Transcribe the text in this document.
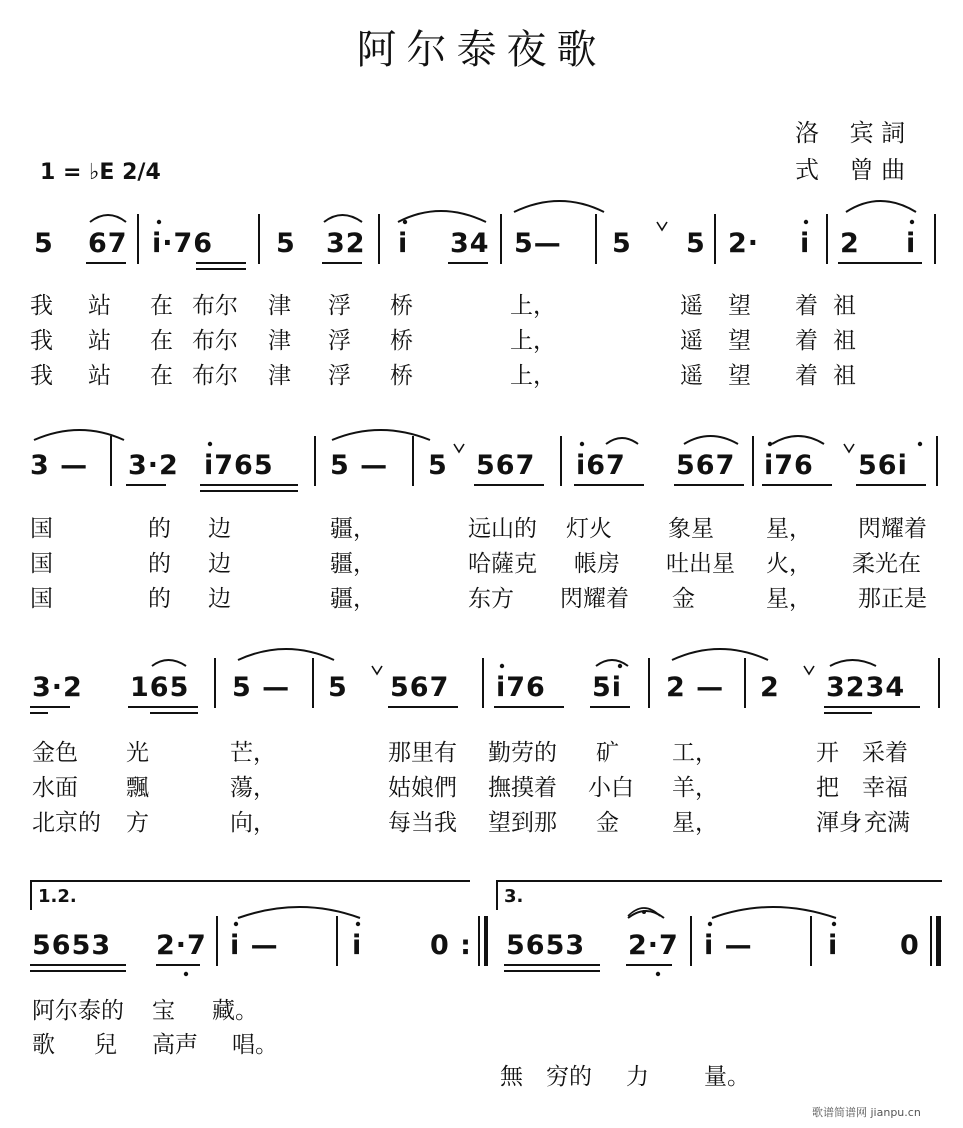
阿尔泰夜歌
洛    宾 詞
式    曾 曲
1 = ♭E 2/4
5 67 i·76 5 32 i 34 5— 5 5 2· i 2 i
我 站 在 布尔 津 浮 桥	上，	遥 望 着 祖
我 站 在 布尔 津 浮 桥	上，	遥 望 着 祖
我 站 在 布尔 津 浮 桥	上，	遥 望 着 祖
3 — 3·2 i765 5 — 5 567 i67 567 i76 56i
国	的 边	疆，	远山的 灯火 象星 星， 閃耀着
国	的 边	疆，	哈薩克 帳房 吐出星 火， 柔光在
国	的 边	疆，	东方 閃耀着 金	星， 那正是
3·2 165 5 — 5 567 i76 5i 2 — 2 3234
金色 光	芒，	那里有 勤劳的 矿 工，	开 采着
水面 飄	蕩，	姑娘們 撫摸着 小白 羊，	把 幸福
北京的 方	向，	每当我 望到那 金 星，	渾身 充满
1.2.	3.
5653 2·7 i —	i	0 : 5653 2·7 i —	i 0
阿尔泰的 宝 藏。
歌 兒 高声 唱。
無 穷的 力 量。
歌谱简谱网 jianpu.cn
